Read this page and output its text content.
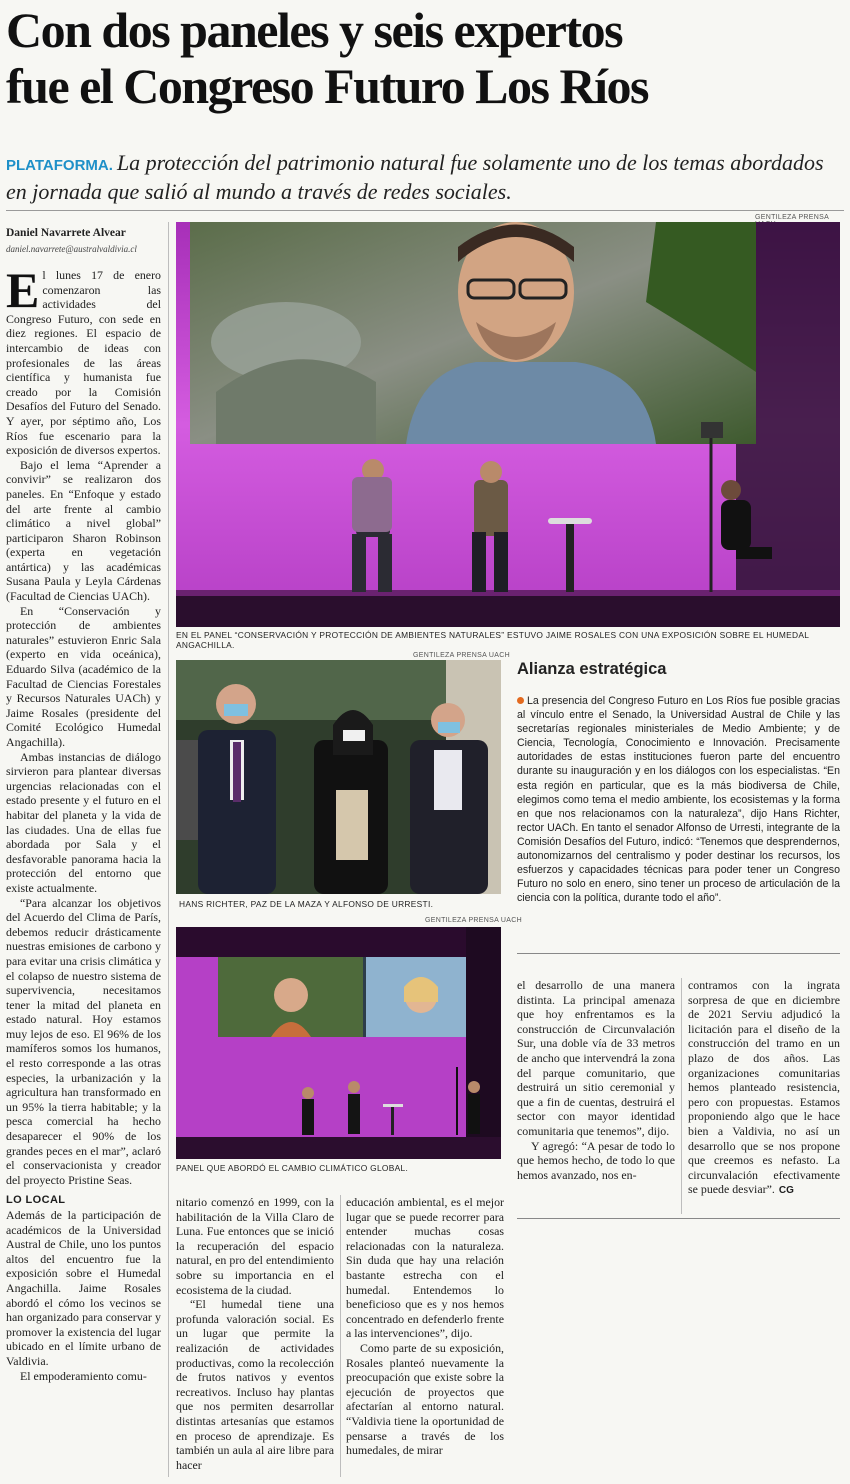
Con dos paneles y seis expertos
fue el Congreso Futuro Los Ríos
PLATAFORMA. La protección del patrimonio natural fue solamente uno de los temas abordados en jornada que salió al mundo a través de redes sociales.
Daniel Navarrete Alvear
daniel.navarrete@australvaldivia.cl

El lunes 17 de enero comenzaron las actividades del Congreso Futuro, con sede en diez regiones. El espacio de intercambio de ideas con profesionales de las áreas científica y humanista fue creado por la Comisión Desafíos del Futuro del Senado. Y ayer, por séptimo año, Los Ríos fue escenario para la exposición de diversos expertos.

Bajo el lema “Aprender a convivir” se realizaron dos paneles. En “Enfoque y estado del arte frente al cambio climático a nivel global” participaron Sharon Robinson (experta en vegetación antártica) y las académicas Susana Paula y Leyla Cárdenas (Facultad de Ciencias UACh).

En “Conservación y protección de ambientes naturales” estuvieron Enric Sala (experto en vida oceánica), Eduardo Silva (académico de la Facultad de Ciencias Forestales y Recursos Naturales UACh) y Jaime Rosales (presidente del Comité Ecológico Humedal Angachilla).

Ambas instancias de diálogo sirvieron para plantear diversas urgencias relacionadas con el estado presente y el futuro en el habitar del planeta y la vida de las ciudades. Una de ellas fue abordada por Sala y el desfavorable panorama hacia la protección del entorno que existe actualmente.

“Para alcanzar los objetivos del Acuerdo del Clima de París, debemos reducir drásticamente nuestras emisiones de carbono y para evitar una crisis climática y el colapso de nuestro sistema de supervivencia, necesitamos tener la mitad del planeta en estado natural. Hoy estamos muy lejos de eso. El 96% de los mamíferos somos los humanos, el resto corresponde a las otras especies, la urbanización y la agricultura han transformado en un 95% la tierra habitable; y la pesca comercial ha hecho desaparecer el 90% de los grandes peces en el mar”, aclaró el conservacionista y creador del proyecto Pristine Seas.

LO LOCAL

Además de la participación de académicos de la Universidad Austral de Chile, uno los puntos altos del encuentro fue la exposición sobre el Humedal Angachilla. Jaime Rosales abordó el cómo los vecinos se han organizado para conservar y promover la existencia del lugar ubicado en el límite urbano de Valdivia.

El empoderamiento comu-

GENTILEZA PRENSA
EN EL PANEL “CONSERVACIÓN Y PROTECCIÓN DE AMBIENTES NATURALES” ESTUVO JAIME ROSALES CON UNA EXPOSICIÓN SOBRE EL HUMEDAL ANGACHILLA.
GENTILEZA PRENSA UACH
HANS RICHTER, PAZ DE LA MAZA Y ALFONSO DE URRESTI.
GENTILEZA PRENSA UACH
PANEL QUE ABORDÓ EL CAMBIO CLIMÁTICO GLOBAL.
Alianza estratégica
La presencia del Congreso Futuro en Los Ríos fue posible gracias al vínculo entre el Senado, la Universidad Austral de Chile y las secretarías regionales ministeriales de Medio Ambiente; y de Ciencia, Tecnología, Conocimiento e Innovación. Precisamente autoridades de estas instituciones fueron parte del encuentro durante su inauguración y en los diálogos con los especialistas. “En esta región en particular, que es la más biodiversa de Chile, elegimos como tema el medio ambiente, los ecosistemas y la forma en que nos relacionamos con la naturaleza”, dijo Hans Richter, rector UACh. En tanto el senador Alfonso de Urresti, integrante de la Comisión Desafíos del Futuro, indicó: “Tenemos que desprendernos, autonomizarnos del centralismo y poder destinar los recursos, los esfuerzos y capacidades técnicas para poder tener un Congreso Futuro no solo en enero, sino tener un proceso de articulación de la ciencia con la política, durante todo el año”.

el desarrollo de una manera distinta. La principal amenaza que hoy enfrentamos es la construcción de Circunvalación Sur, una doble vía de 33 metros de ancho que intervendrá la zona del parque comunitario, que destruirá un sitio ceremonial y que a fin de cuentas, destruirá el sector con mayor identidad comunitaria que tenemos”, dijo.

Y agregó: “A pesar de todo lo que hemos hecho, de todo lo que hemos avanzado, nos en-

contramos con la ingrata sorpresa de que en diciembre de 2021 Serviu adjudicó la licitación para el diseño de la construcción del tramo en un plazo de dos años. Las organizaciones comunitarias hemos planteado resistencia, pero con propuestas. Estamos proponiendo algo que le hace bien a Valdivia, no así un desarrollo que se nos propone que creemos es nefasto. La circunvalación efectivamente se puede desviar”. CG

nitario comenzó en 1999, con la habilitación de la Villa Claro de Luna. Fue entonces que se inició la recuperación del espacio natural, en pro del entendimiento sobre su importancia en el ecosistema de la ciudad.

“El humedal tiene una profunda valoración social. Es un lugar que permite la realización de actividades productivas, como la recolección de frutos nativos y eventos recreativos. Incluso hay plantas que nos permiten desarrollar distintas artesanías que estamos en proceso de aprendizaje. Es también un aula al aire libre para hacer

educación ambiental, es el mejor lugar que se puede recorrer para entender muchas cosas relacionadas con la naturaleza. Sin duda que hay una relación bastante estrecha con el humedal. Entendemos lo beneficioso que es y nos hemos concentrado en defenderlo frente a las intervenciones”, dijo.

Como parte de su exposición, Rosales planteó nuevamente la preocupación que existe sobre la ejecución de proyectos que afectarían al entorno natural. “Valdivia tiene la oportunidad de pensarse a través de los humedales, de mirar
